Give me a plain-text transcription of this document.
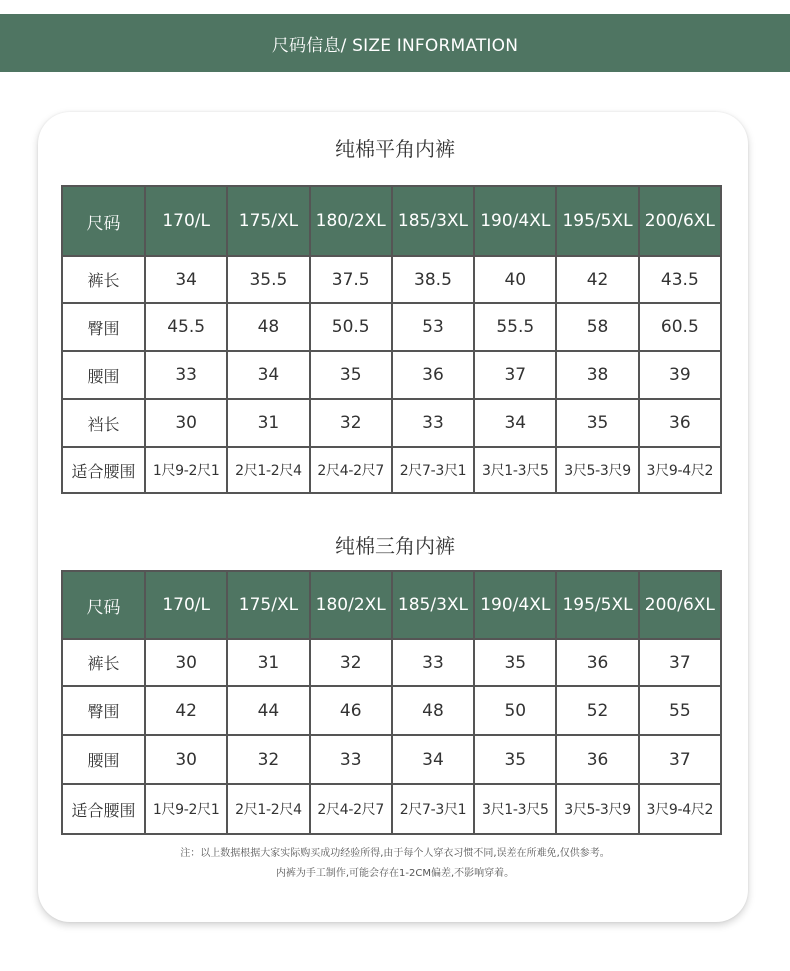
尺码信息/ SIZE INFORMATION
纯棉平角内裤
尺码	170/L	175/XL	180/2XL	185/3XL	190/4XL	195/5XL	200/6XL
裤长	34	35.5	37.5	38.5	40	42	43.5
臀围	45.5	48	50.5	53	55.5	58	60.5
腰围	33	34	35	36	37	38	39
裆长	30	31	32	33	34	35	36
适合腰围	1尺9-2尺1	2尺1-2尺4	2尺4-2尺7	2尺7-3尺1	3尺1-3尺5	3尺5-3尺9	3尺9-4尺2
纯棉三角内裤
尺码	170/L	175/XL	180/2XL	185/3XL	190/4XL	195/5XL	200/6XL
裤长	30	31	32	33	35	36	37
臀围	42	44	46	48	50	52	55
腰围	30	32	33	34	35	36	37
适合腰围	1尺9-2尺1	2尺1-2尺4	2尺4-2尺7	2尺7-3尺1	3尺1-3尺5	3尺5-3尺9	3尺9-4尺2
注：以上数据根据大家实际购买成功经验所得,由于每个人穿衣习惯不同,误差在所难免,仅供参考。
内裤为手工制作,可能会存在1-2CM偏差,不影响穿着。
